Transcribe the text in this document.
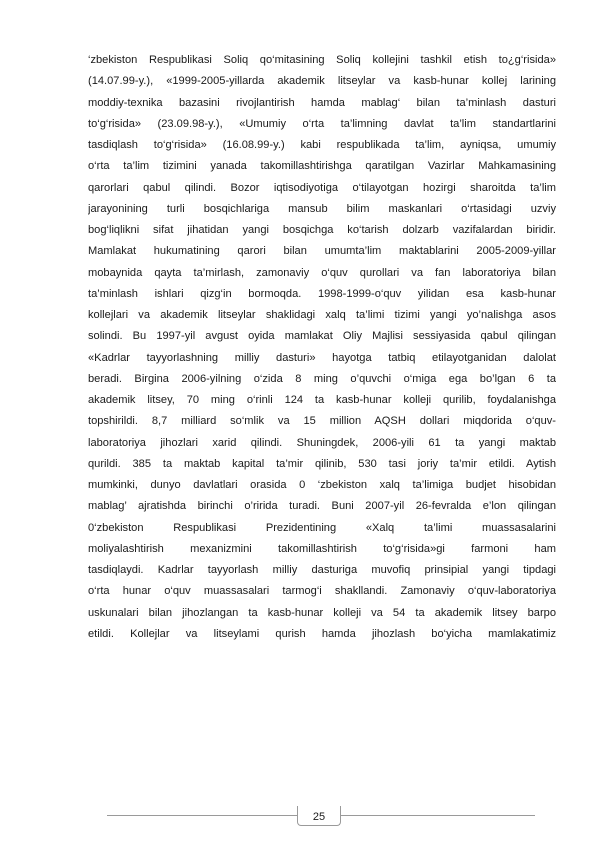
‘zbekiston Respublikasi Soliq qo‘mitasining Soliq kollejini tashkil etish to¿g‘risida»
(14.07.99-y.), «1999-2005-yillarda akademik litseylar va kasb-hunar kollej larining
moddiy-texnika bazasini rivojlantirish hamda mablag‘ bilan ta’minlash dasturi
to‘g‘risida» (23.09.98-y.), «Umumiy o‘rta ta’limning davlat ta’lim standartlarini
tasdiqlash to‘g‘risida» (16.08.99-y.) kabi respublikada ta’lim, ayniqsa, umumiy
o‘rta ta’lim tizimini yanada takomillashtirishga qaratilgan Vazirlar Mahkamasining
qarorlari qabul qilindi. Bozor iqtisodiyotiga o‘tilayotgan hozirgi sharoitda ta’lim
jarayonining turli bosqichlariga mansub bilim maskanlari o‘rtasidagi uzviy
bog‘liqlikni sifat jihatidan yangi bosqichga ko‘tarish dolzarb vazifalardan biridir.
Mamlakat hukumatining qarori bilan umumta’lim maktablarini 2005-2009-yillar
mobaynida qayta ta’mirlash, zamonaviy o‘quv qurollari va fan laboratoriya bilan
ta’minlash ishlari qizg‘in bormoqda. 1998-1999-o‘quv yilidan esa kasb-hunar
kollejlari va akademik litseylar shaklidagi xalq ta’limi tizimi yangi yo’nalishga asos
solindi. Bu 1997-yil avgust oyida mamlakat Oliy Majlisi sessiyasida qabul qilingan
«Kadrlar tayyorlashning milliy dasturi» hayotga tatbiq etilayotganidan dalolat
beradi. Birgina 2006-yilning o‘zida 8 ming o’quvchi o‘miga ega bo’lgan 6 ta
akademik litsey, 70 ming o‘rinli 124 ta kasb-hunar kolleji qurilib, foydalanishga
topshirildi. 8,7 milliard so‘mlik va 15 million AQSH dollari miqdorida o‘quv-
laboratoriya jihozlari xarid qilindi. Shuningdek, 2006-yili 61 ta yangi maktab
qurildi. 385 ta maktab kapital ta’mir qilinib, 530 tasi joriy ta’mir etildi. Aytish
mumkinki, dunyo davlatlari orasida 0 ‘zbekiston xalq ta’limiga budjet hisobidan
mablag’ ajratishda birinchi o’ririda turadi. Buni 2007-yil 26-fevralda e’lon qilingan
0‘zbekiston Respublikasi Prezidentining «Xalq ta’limi muassasalarini
moliyalashtirish mexanizmini takomillashtirish to‘g‘risida»gi farmoni ham
tasdiqlaydi. Kadrlar tayyorlash milliy dasturiga muvofiq prinsipial yangi tipdagi
o‘rta hunar o‘quv muassasalari tarmog‘i shakllandi. Zamonaviy o‘quv-laboratoriya
uskunalari bilan jihozlangan ta kasb-hunar kolleji va 54 ta akademik litsey barpo
etildi. Kollejlar va litseylami qurish hamda jihozlash bo‘yicha mamlakatimiz
25
